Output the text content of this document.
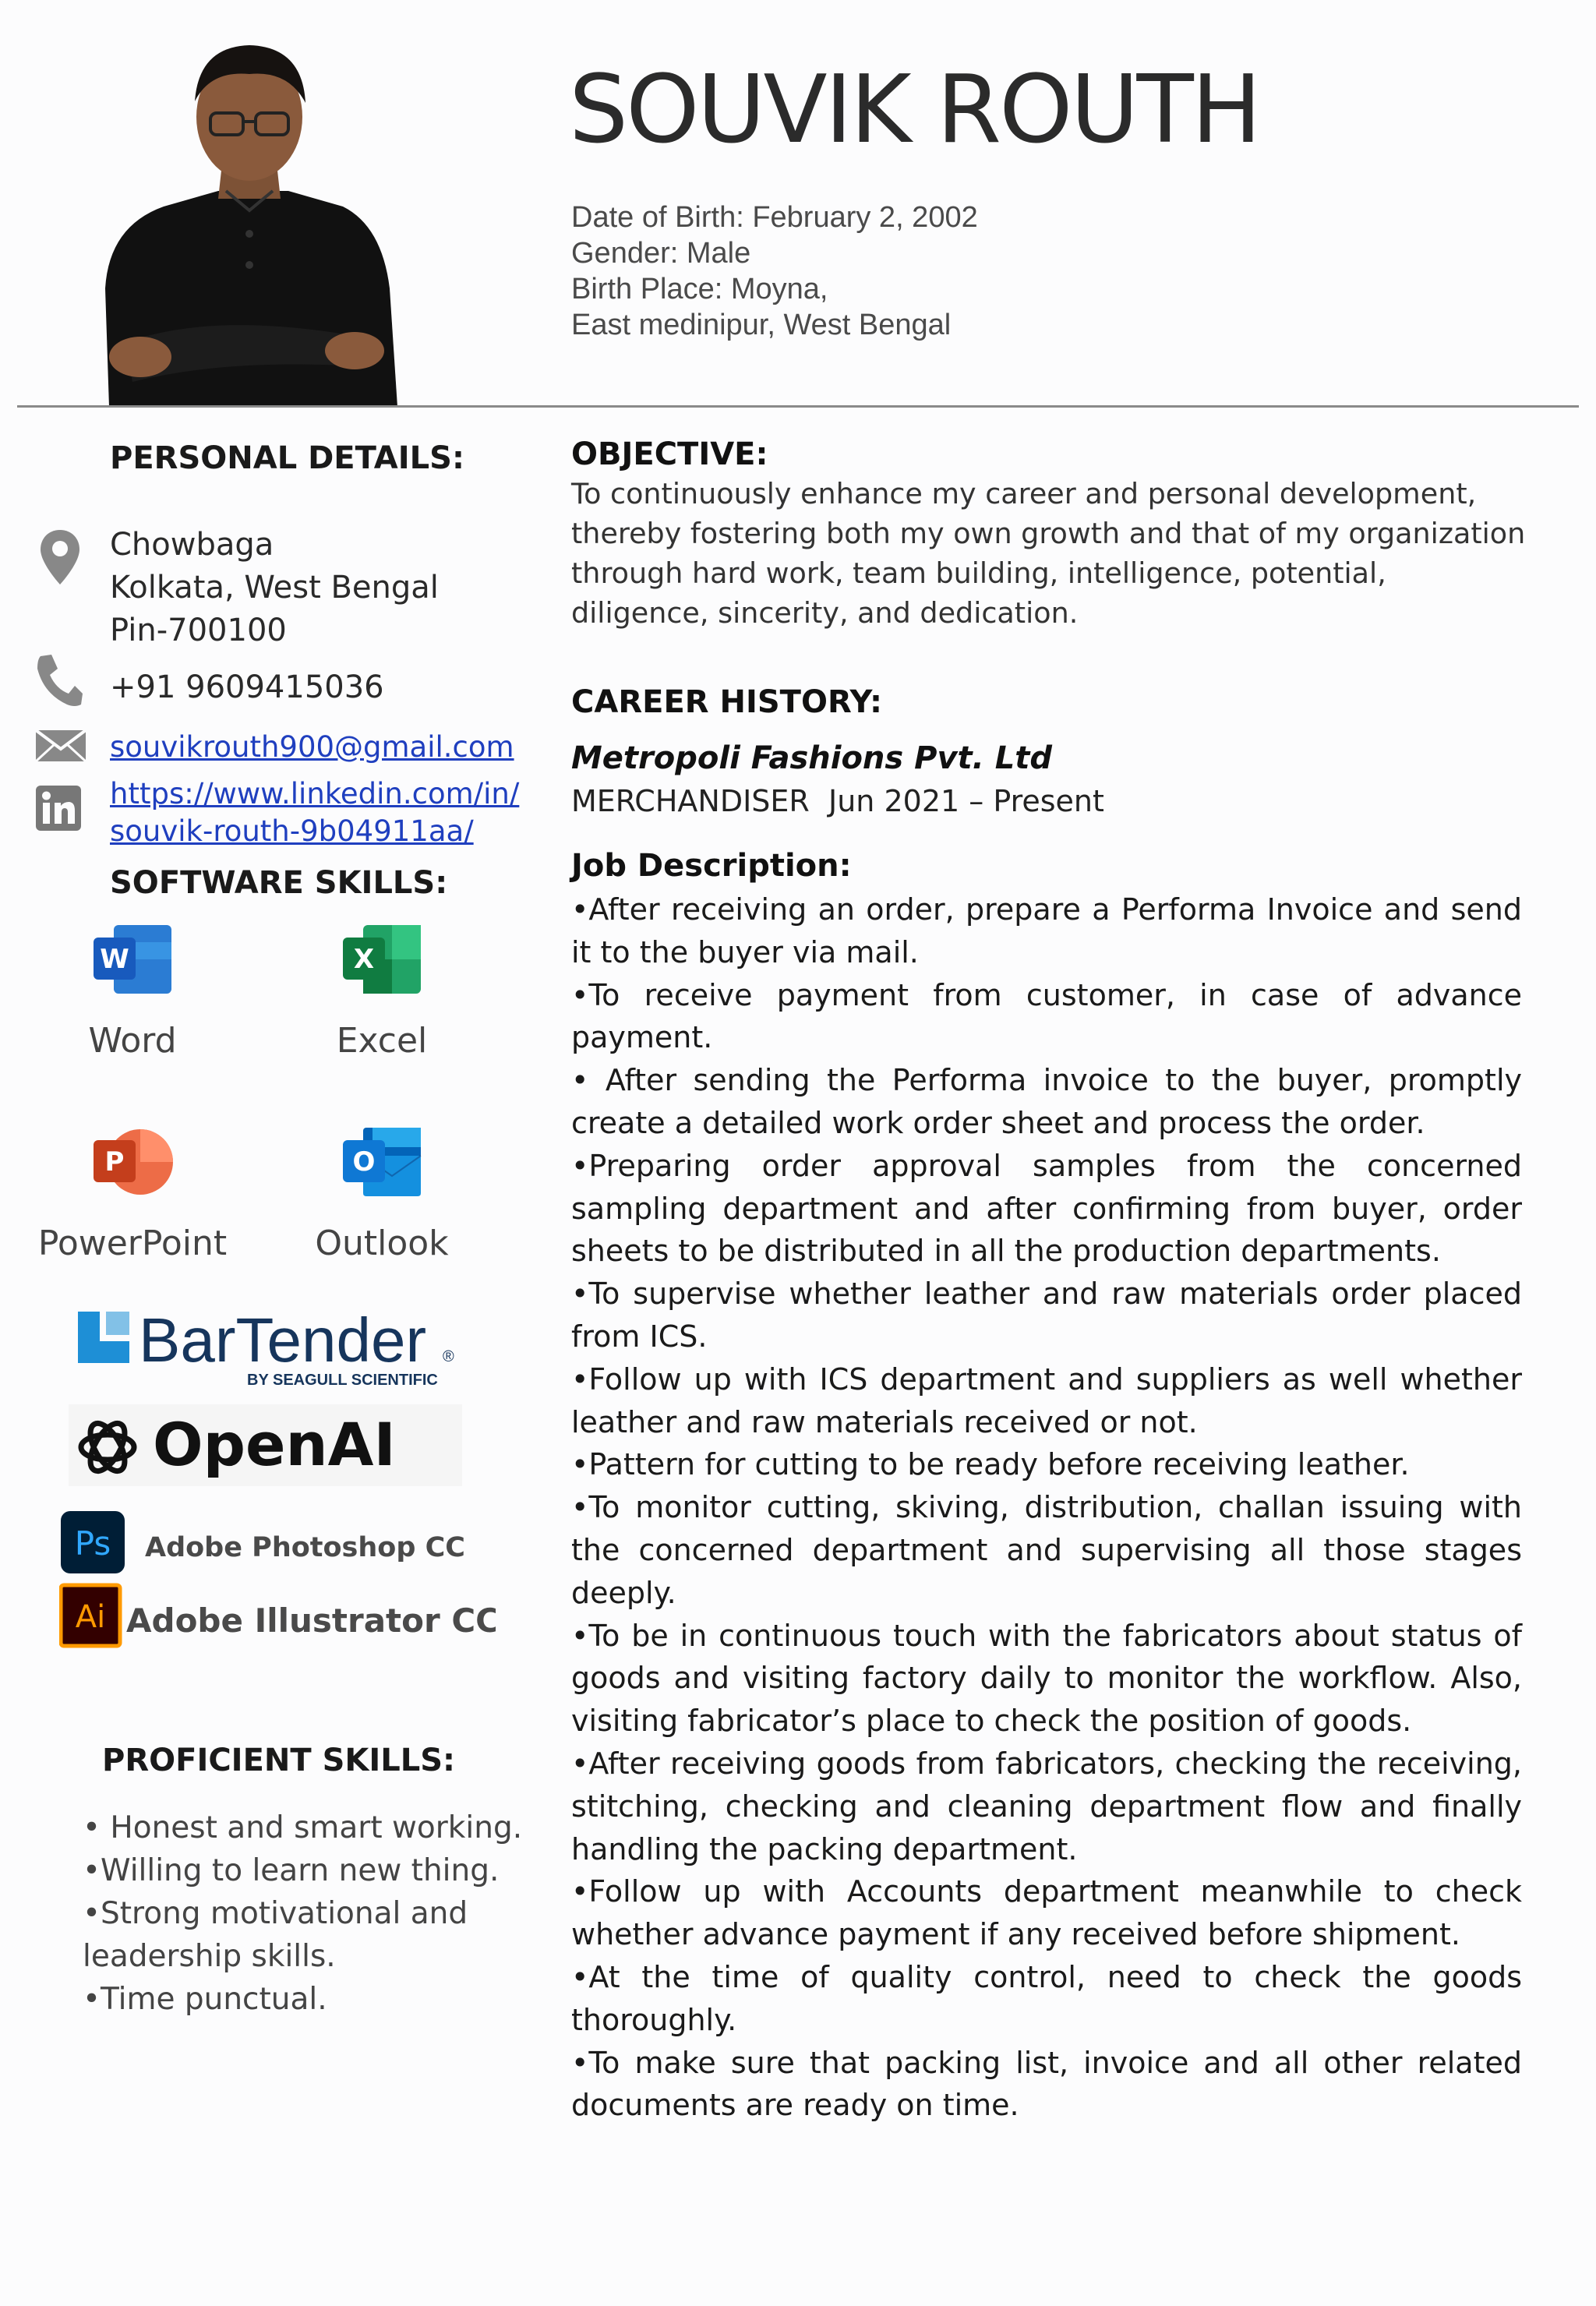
SOUVIK ROUTH
Date of Birth: February 2, 2002
Gender: Male
Birth Place: Moyna,
East medinipur, West Bengal
PERSONAL DETAILS:
Chowbaga
Kolkata, West Bengal
Pin-700100
+91 9609415036
souvikrouth900@gmail.com
https://www.linkedin.com/in/
souvik-routh-9b04911aa/
SOFTWARE SKILLS:
W
Word
X
Excel
P
PowerPoint
O
Outlook
BarTender ®
BY SEAGULL SCIENTIFIC
OpenAI
Ps Adobe Photoshop CC
Ai Adobe Illustrator CC
PROFICIENT SKILLS:
• Honest and smart working.
•Willing to learn new thing.
•Strong motivational and
leadership skills.
•Time punctual.
OBJECTIVE:
To continuously enhance my career and personal development, thereby fostering both my own growth and that of my organization through hard work, team building, intelligence, potential, diligence, sincerity, and dedication.
CAREER HISTORY:
Metropoli Fashions Pvt. Ltd
MERCHANDISER Jun 2021 – Present
Job Description:
•After receiving an order, prepare a Performa Invoice and send it to the buyer via mail.
•To receive payment from customer, in case of advance payment.
• After sending the Performa invoice to the buyer, promptly create a detailed work order sheet and process the order.
•Preparing order approval samples from the concerned sampling department and after confirming from buyer, order sheets to be distributed in all the production departments.
•To supervise whether leather and raw materials order placed from ICS.
•Follow up with ICS department and suppliers as well whether leather and raw materials received or not.
•Pattern for cutting to be ready before receiving leather.
•To monitor cutting, skiving, distribution, challan issuing with the concerned department and supervising all those stages deeply.
•To be in continuous touch with the fabricators about status of goods and visiting factory daily to monitor the workflow. Also, visiting fabricator’s place to check the position of goods.
•After receiving goods from fabricators, checking the receiving, stitching, checking and cleaning department flow and finally handling the packing department.
•Follow up with Accounts department meanwhile to check whether advance payment if any received before shipment.
•At the time of quality control, need to check the goods thoroughly.
•To make sure that packing list, invoice and all other related documents are ready on time.
